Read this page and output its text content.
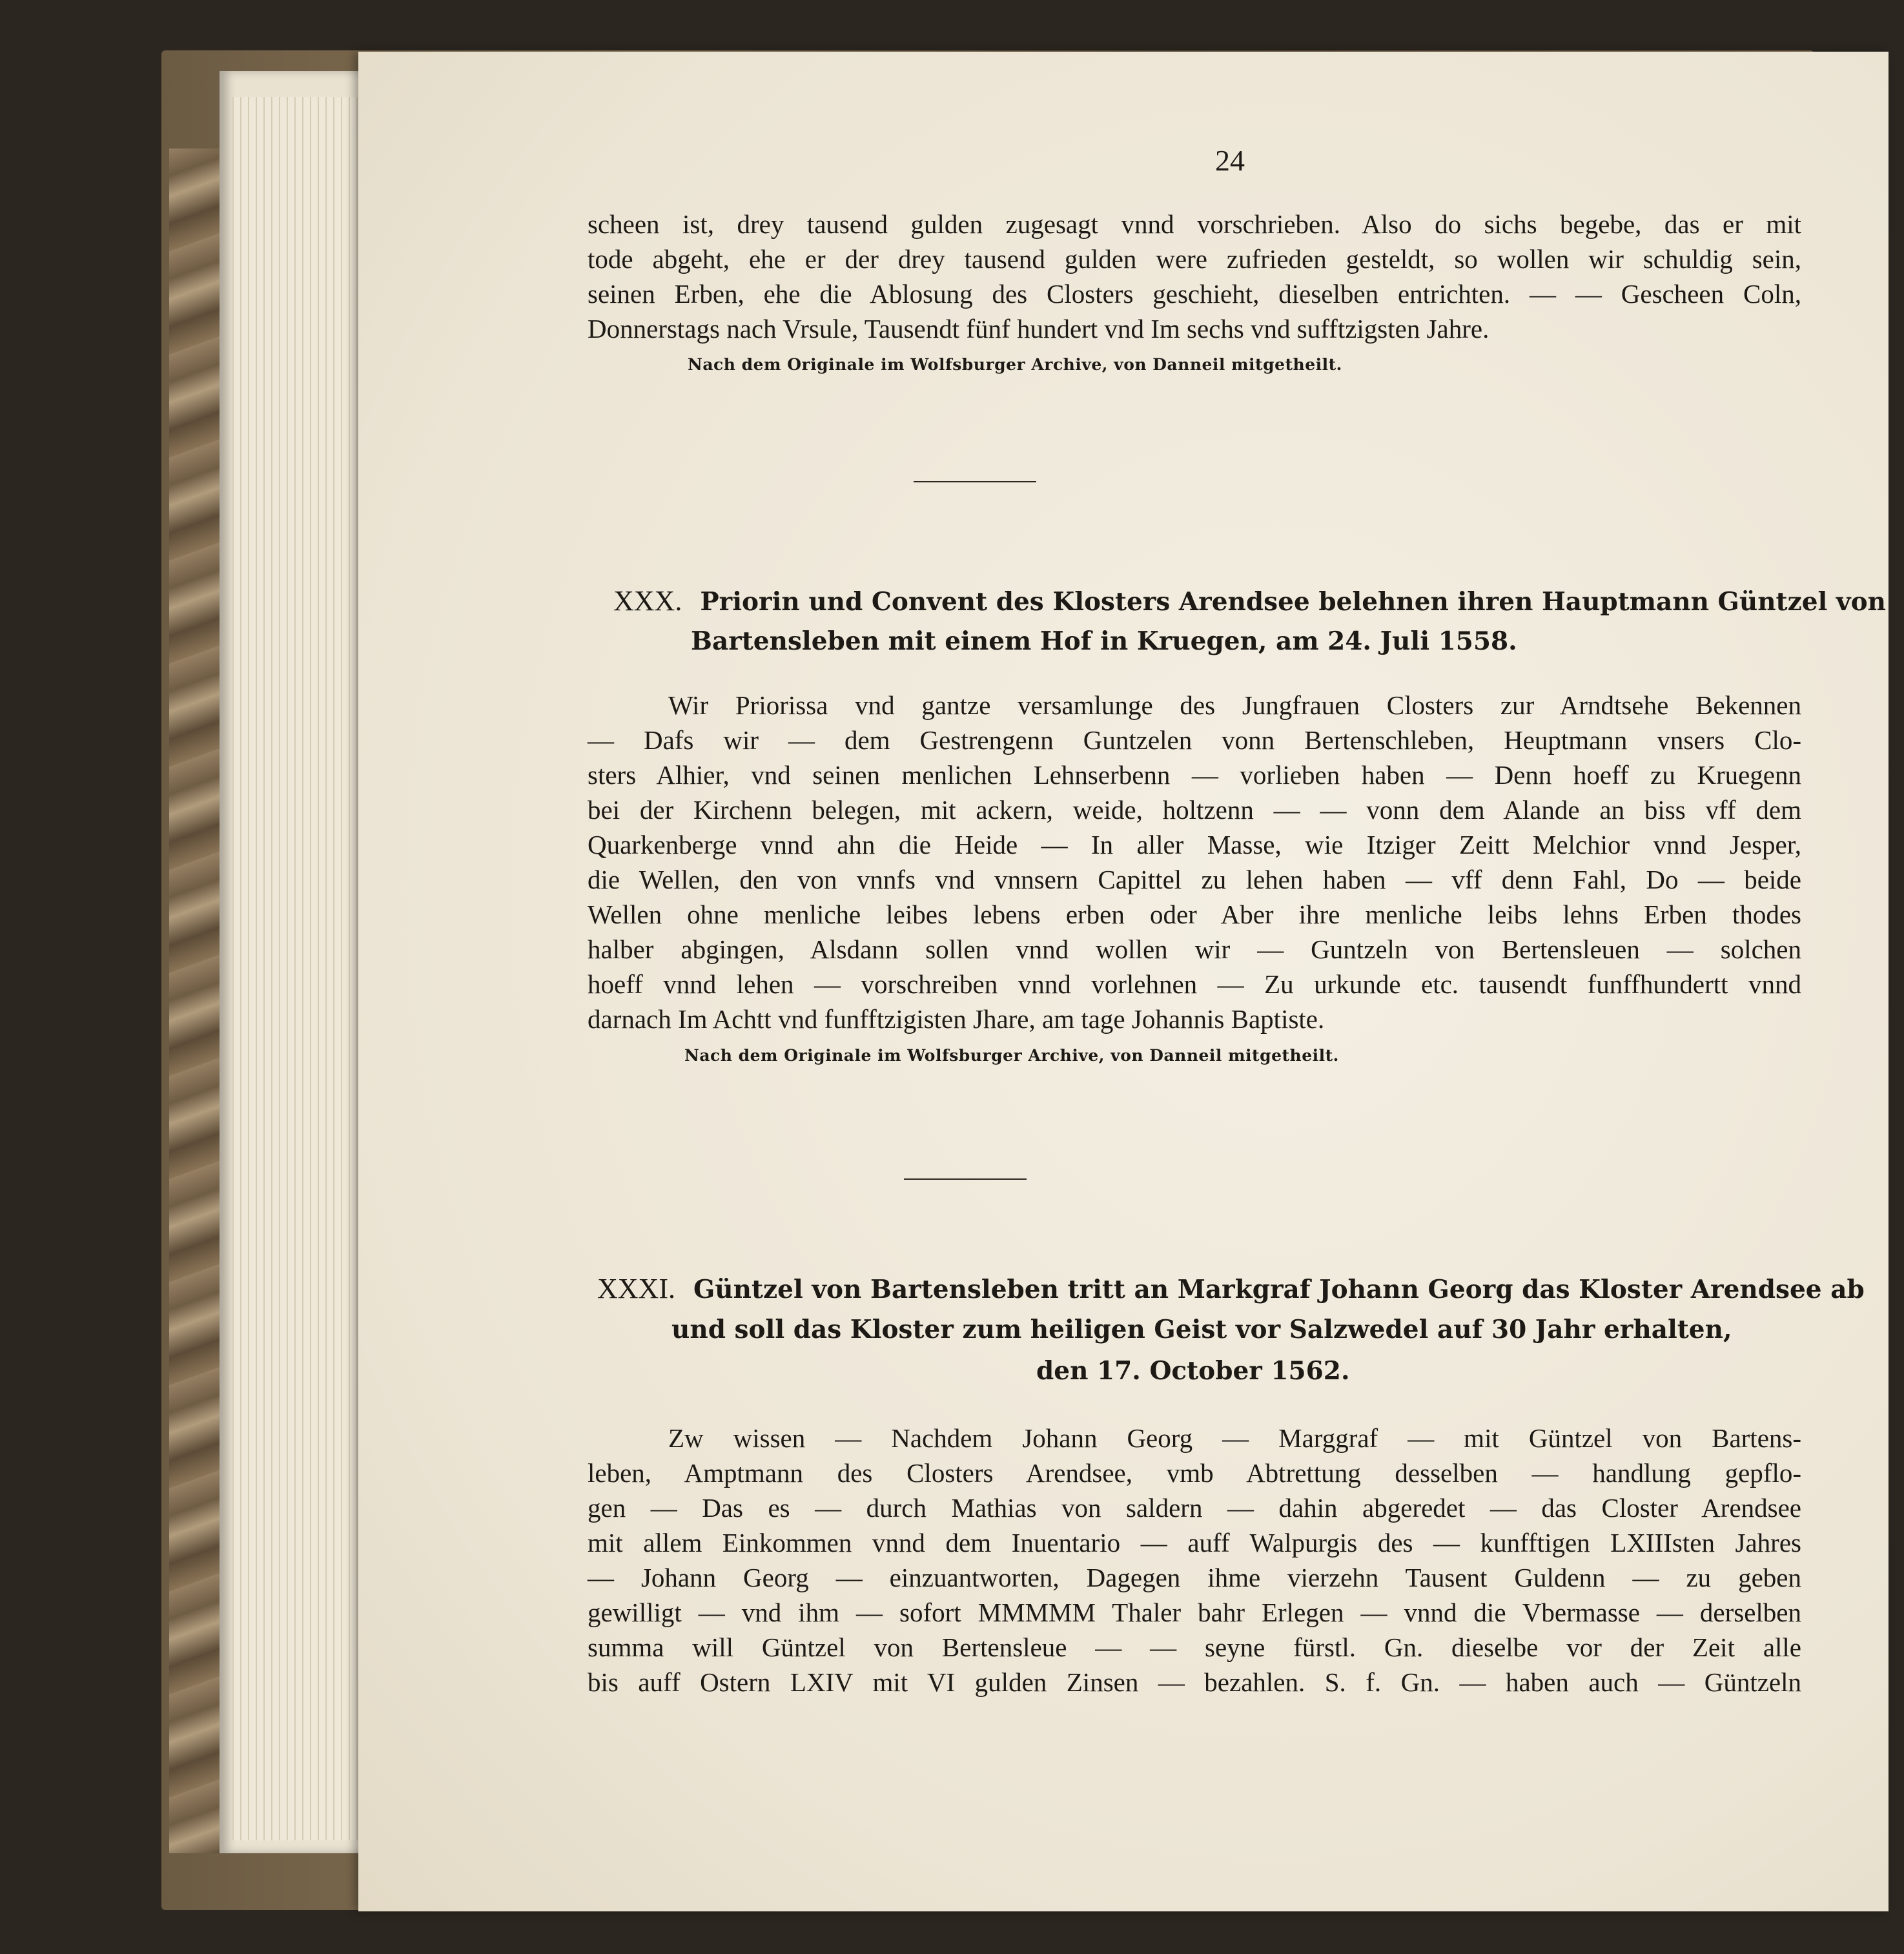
24
scheen ist, drey tausend gulden zugesagt vnnd vorschrieben. Also do sichs begebe, das er mit
tode abgeht, ehe er der drey tausend gulden were zufrieden gesteldt, so wollen wir schuldig sein,
seinen Erben, ehe die Ablosung des Closters geschieht, dieselben entrichten. — — Gescheen Coln,
Donnerstags nach Vrsule, Tausendt fünf hundert vnd Im sechs vnd sufftzigsten Jahre.
Nach dem Originale im Wolfsburger Archive, von Danneil mitgetheilt.
XXX. Priorin und Convent des Klosters Arendsee belehnen ihren Hauptmann Güntzel von
Bartensleben mit einem Hof in Kruegen, am 24. Juli 1558.
Wir Priorissa vnd gantze versamlunge des Jungfrauen Closters zur Arndtsehe Bekennen
— Dafs wir — dem Gestrengenn Guntzelen vonn Bertenschleben, Heuptmann vnsers Clo-
sters Alhier, vnd seinen menlichen Lehnserbenn — vorlieben haben — Denn hoeff zu Kruegenn
bei der Kirchenn belegen, mit ackern, weide, holtzenn — — vonn dem Alande an biss vff dem
Quarkenberge vnnd ahn die Heide — In aller Masse, wie Itziger Zeitt Melchior vnnd Jesper,
die Wellen, den von vnnfs vnd vnnsern Capittel zu lehen haben — vff denn Fahl, Do — beide
Wellen ohne menliche leibes lebens erben oder Aber ihre menliche leibs lehns Erben thodes
halber abgingen, Alsdann sollen vnnd wollen wir — Guntzeln von Bertensleuen — solchen
hoeff vnnd lehen — vorschreiben vnnd vorlehnen — Zu urkunde etc. tausendt funffhundertt vnnd
darnach Im Achtt vnd funfftzigisten Jhare, am tage Johannis Baptiste.
Nach dem Originale im Wolfsburger Archive, von Danneil mitgetheilt.
XXXI. Güntzel von Bartensleben tritt an Markgraf Johann Georg das Kloster Arendsee ab
und soll das Kloster zum heiligen Geist vor Salzwedel auf 30 Jahr erhalten,
den 17. October 1562.
Zw wissen — Nachdem Johann Georg — Marggraf — mit Güntzel von Bartens-
leben, Amptmann des Closters Arendsee, vmb Abtrettung desselben — handlung gepflo-
gen — Das es — durch Mathias von saldern — dahin abgeredet — das Closter Arendsee
mit allem Einkommen vnnd dem Inuentario — auff Walpurgis des — kunfftigen LXIIIsten Jahres
— Johann Georg — einzuantworten, Dagegen ihme vierzehn Tausent Guldenn — zu geben
gewilligt — vnd ihm — sofort MMMMM Thaler bahr Erlegen — vnnd die Vbermasse — derselben
summa will Güntzel von Bertensleue — — seyne fürstl. Gn. dieselbe vor der Zeit alle
bis auff Ostern LXIV mit VI gulden Zinsen — bezahlen. S. f. Gn. — haben auch — Güntzeln
